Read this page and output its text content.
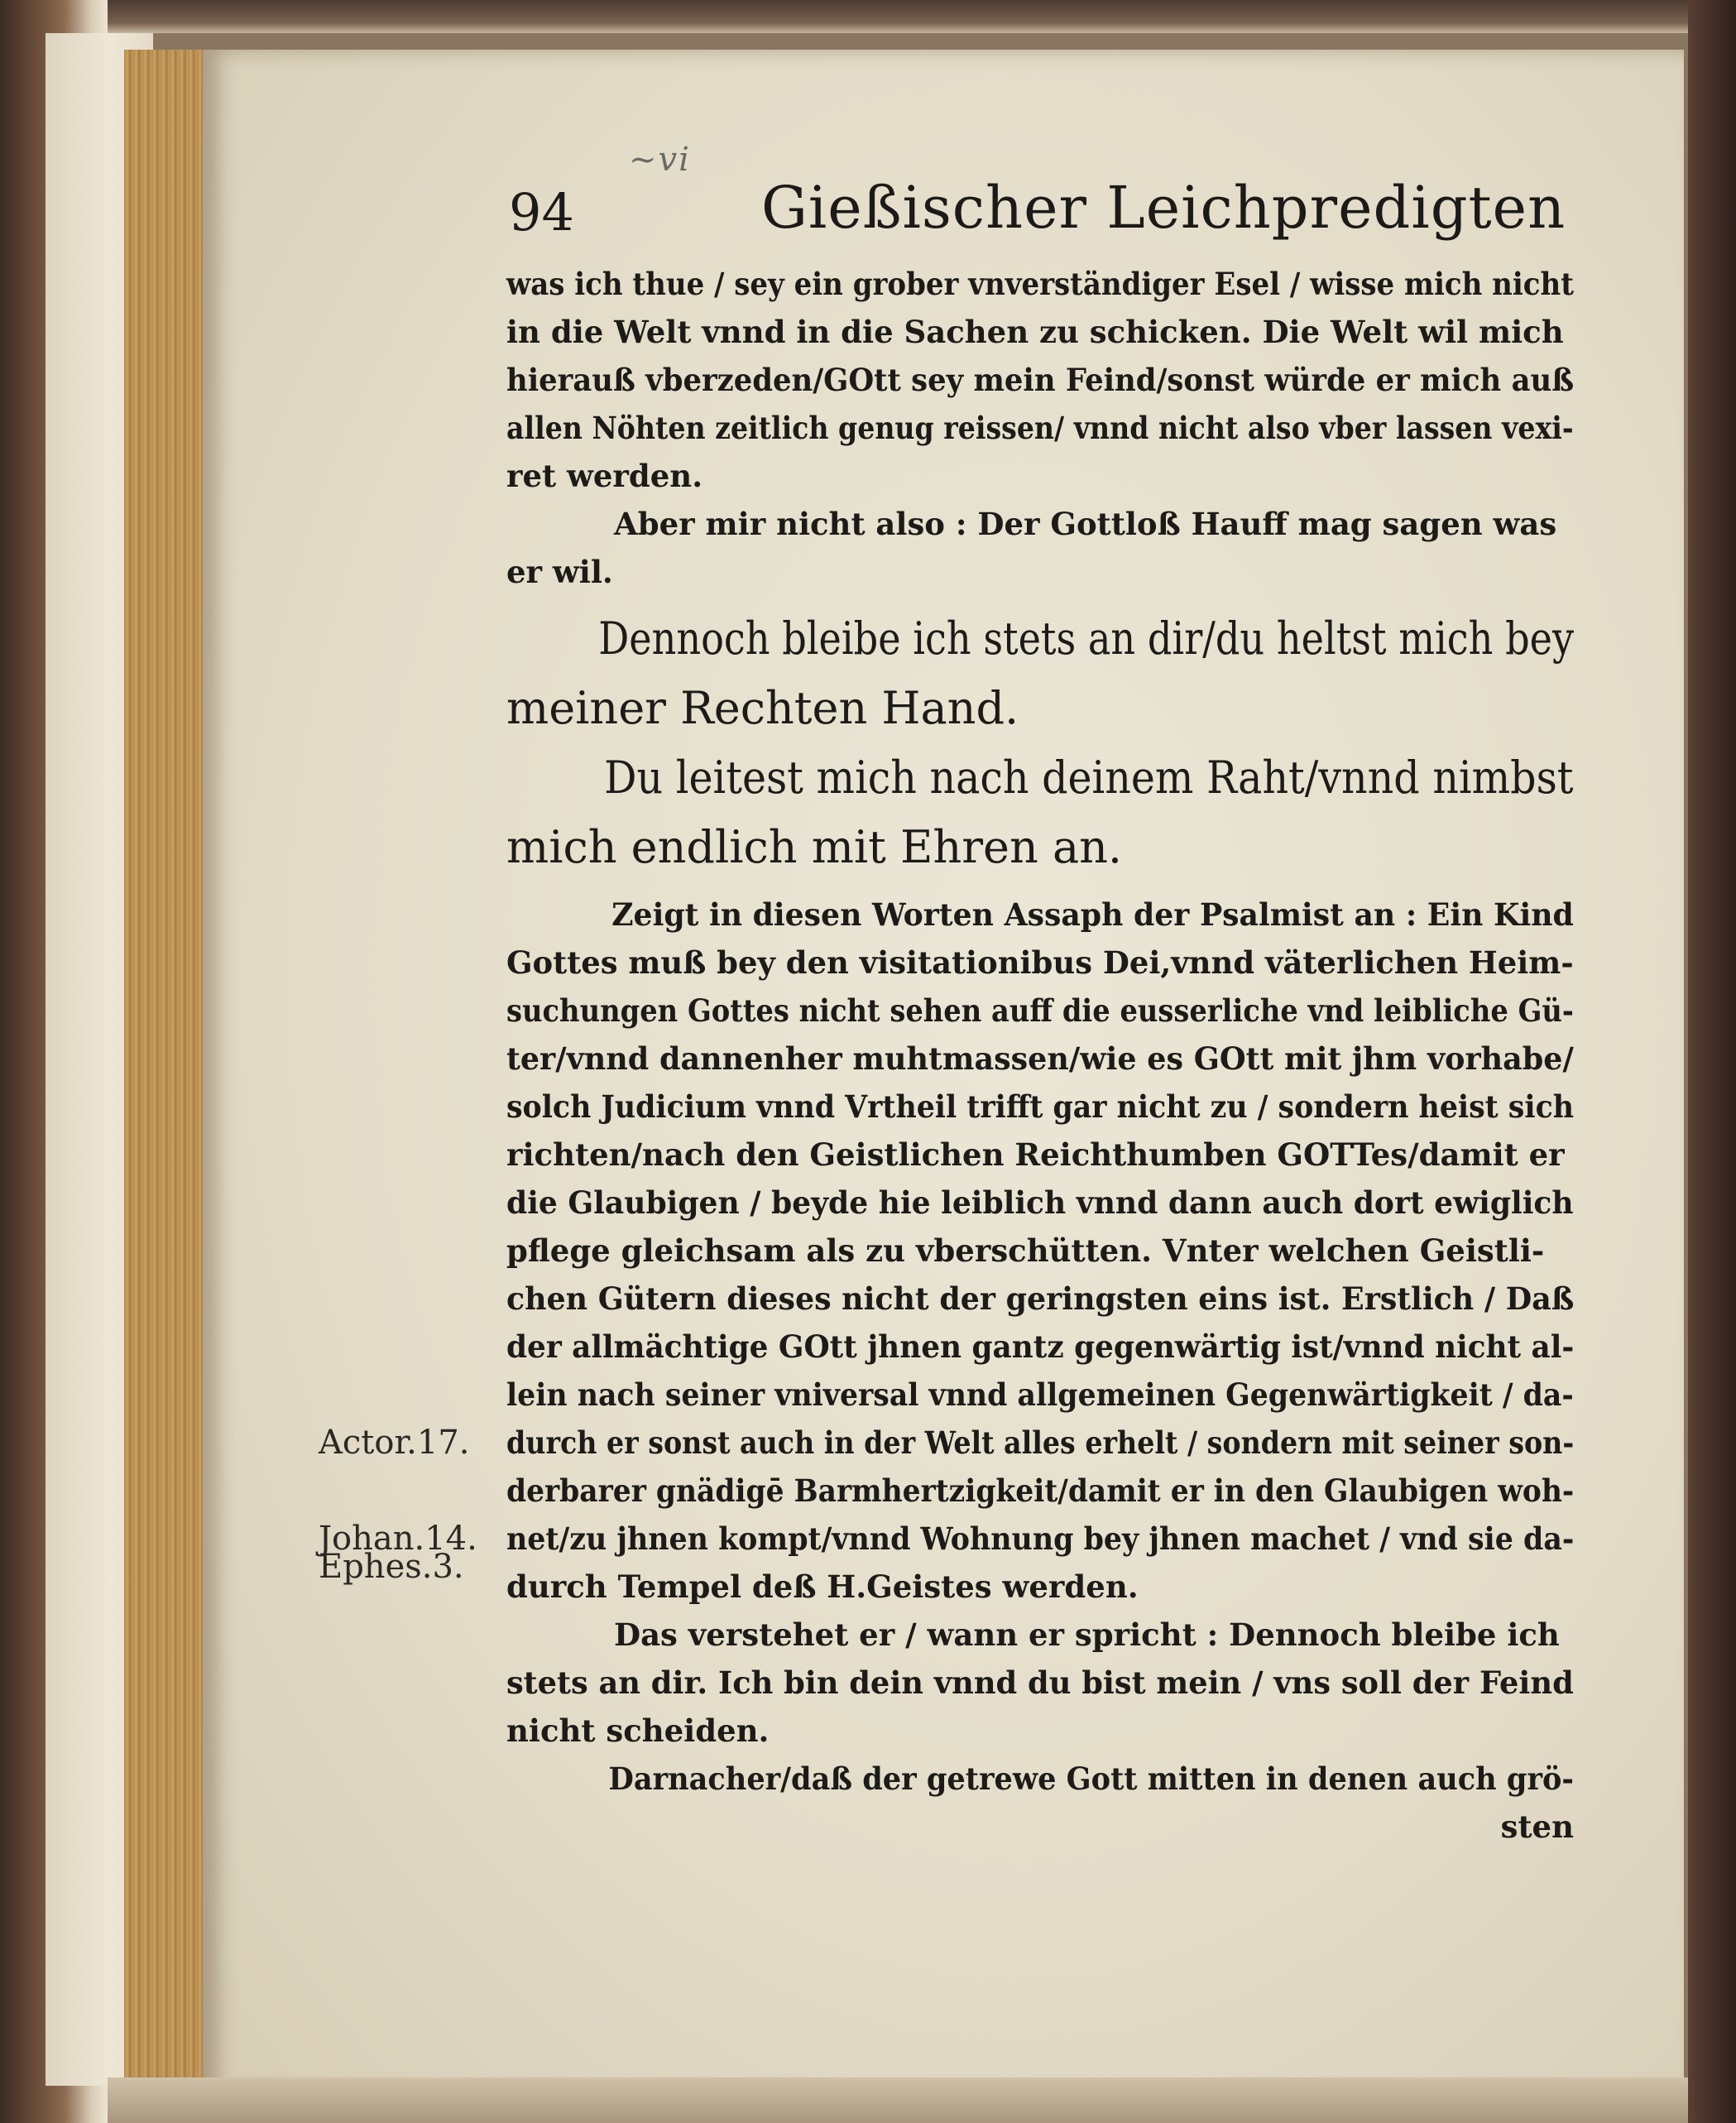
~vi
94	Gießischer Leichpredigten
was ich thue / sey ein grober vnverständiger Esel / wisse mich nicht
in die Welt vnnd in die Sachen zu schicken. Die Welt wil mich
hierauß vberzeden/GOtt sey mein Feind/sonst würde er mich auß
allen Nöhten zeitlich genug reissen/ vnnd nicht also vber lassen vexi-
ret werden.
Aber mir nicht also : Der Gottloß Hauff mag sagen was
er wil.
Dennoch bleibe ich stets an dir/du heltst mich bey
meiner Rechten Hand.
Du leitest mich nach deinem Raht/vnnd nimbst
mich endlich mit Ehren an.
Zeigt in diesen Worten Assaph der Psalmist an : Ein Kind
Gottes muß bey den visitationibus Dei,vnnd väterlichen Heim-
suchungen Gottes nicht sehen auff die eusserliche vnd leibliche Gü-
ter/vnnd dannenher muhtmassen/wie es GOtt mit jhm vorhabe/
solch Judicium vnnd Vrtheil trifft gar nicht zu / sondern heist sich
richten/nach den Geistlichen Reichthumben GOTTes/damit er
die Glaubigen / beyde hie leiblich vnnd dann auch dort ewiglich
pflege gleichsam als zu vberschütten. Vnter welchen Geistli-
chen Gütern dieses nicht der geringsten eins ist. Erstlich / Daß
der allmächtige GOtt jhnen gantz gegenwärtig ist/vnnd nicht al-
lein nach seiner vniversal vnnd allgemeinen Gegenwärtigkeit / da-
durch er sonst auch in der Welt alles erhelt / sondern mit seiner son-
derbarer gnädigē Barmhertzigkeit/damit er in den Glaubigen woh-
net/zu jhnen kompt/vnnd Wohnung bey jhnen machet / vnd sie da-
durch Tempel deß H.Geistes werden.
Das verstehet er / wann er spricht : Dennoch bleibe ich
stets an dir. Ich bin dein vnnd du bist mein / vns soll der Feind
nicht scheiden.
Darnacher/daß der getrewe Gott mitten in denen auch grö-
sten
Actor.17.
Johan.14.
Ephes.3.
